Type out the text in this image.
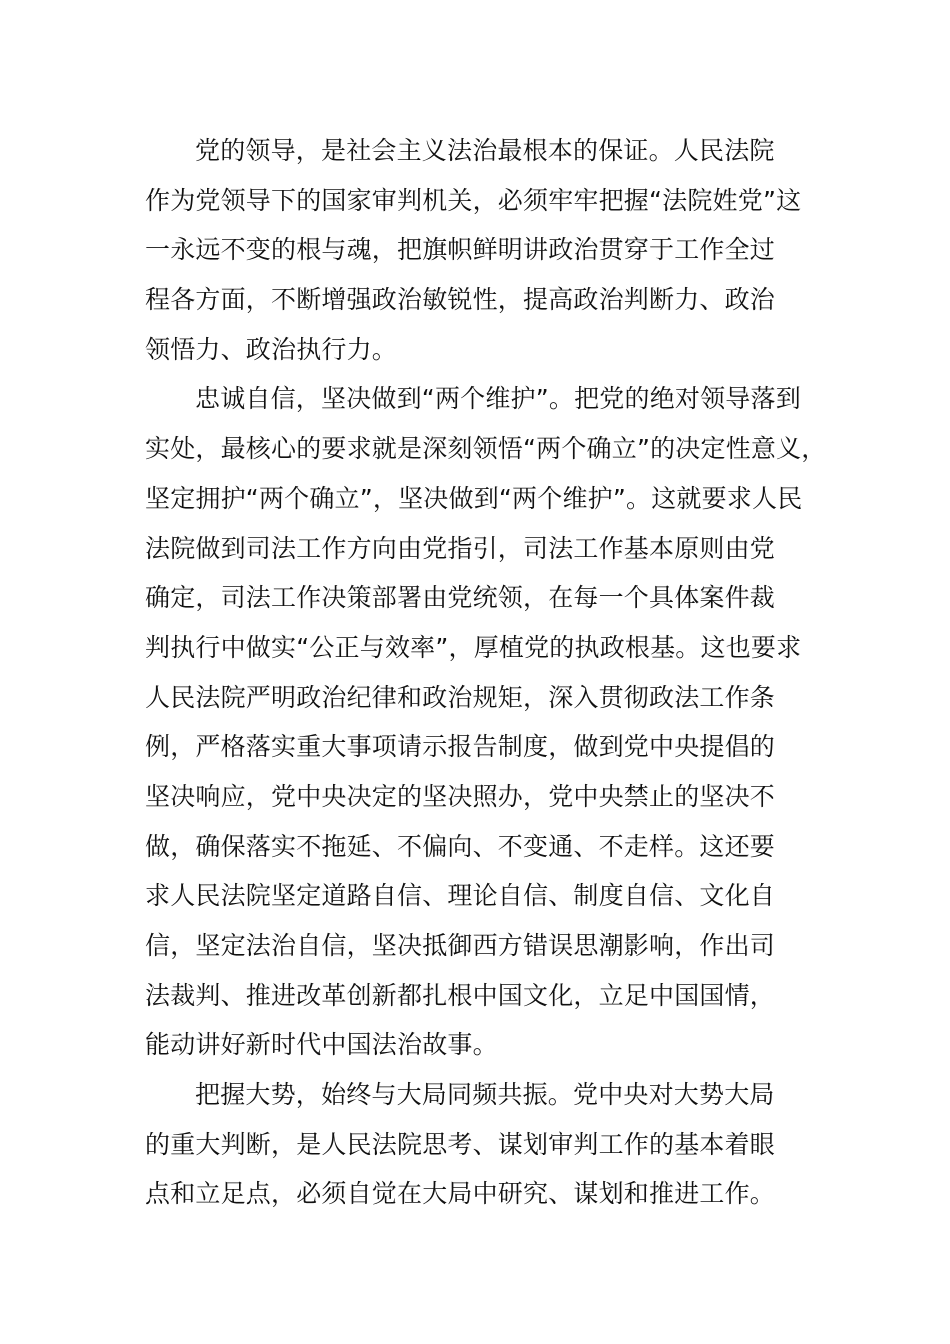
党的领导，是社会主义法治最根本的保证。人民法院
作为党领导下的国家审判机关，必须牢牢把握“法院姓党”这
一永远不变的根与魂，把旗帜鲜明讲政治贯穿于工作全过
程各方面，不断增强政治敏锐性，提高政治判断力、政治
领悟力、政治执行力。
忠诚自信，坚决做到“两个维护”。把党的绝对领导落到
实处，最核心的要求就是深刻领悟“两个确立”的决定性意义，
坚定拥护“两个确立”，坚决做到“两个维护”。这就要求人民
法院做到司法工作方向由党指引，司法工作基本原则由党
确定，司法工作决策部署由党统领，在每一个具体案件裁
判执行中做实“公正与效率”，厚植党的执政根基。这也要求
人民法院严明政治纪律和政治规矩，深入贯彻政法工作条
例，严格落实重大事项请示报告制度，做到党中央提倡的
坚决响应，党中央决定的坚决照办，党中央禁止的坚决不
做，确保落实不拖延、不偏向、不变通、不走样。这还要
求人民法院坚定道路自信、理论自信、制度自信、文化自
信，坚定法治自信，坚决抵御西方错误思潮影响，作出司
法裁判、推进改革创新都扎根中国文化，立足中国国情，
能动讲好新时代中国法治故事。
把握大势，始终与大局同频共振。党中央对大势大局
的重大判断，是人民法院思考、谋划审判工作的基本着眼
点和立足点，必须自觉在大局中研究、谋划和推进工作。
